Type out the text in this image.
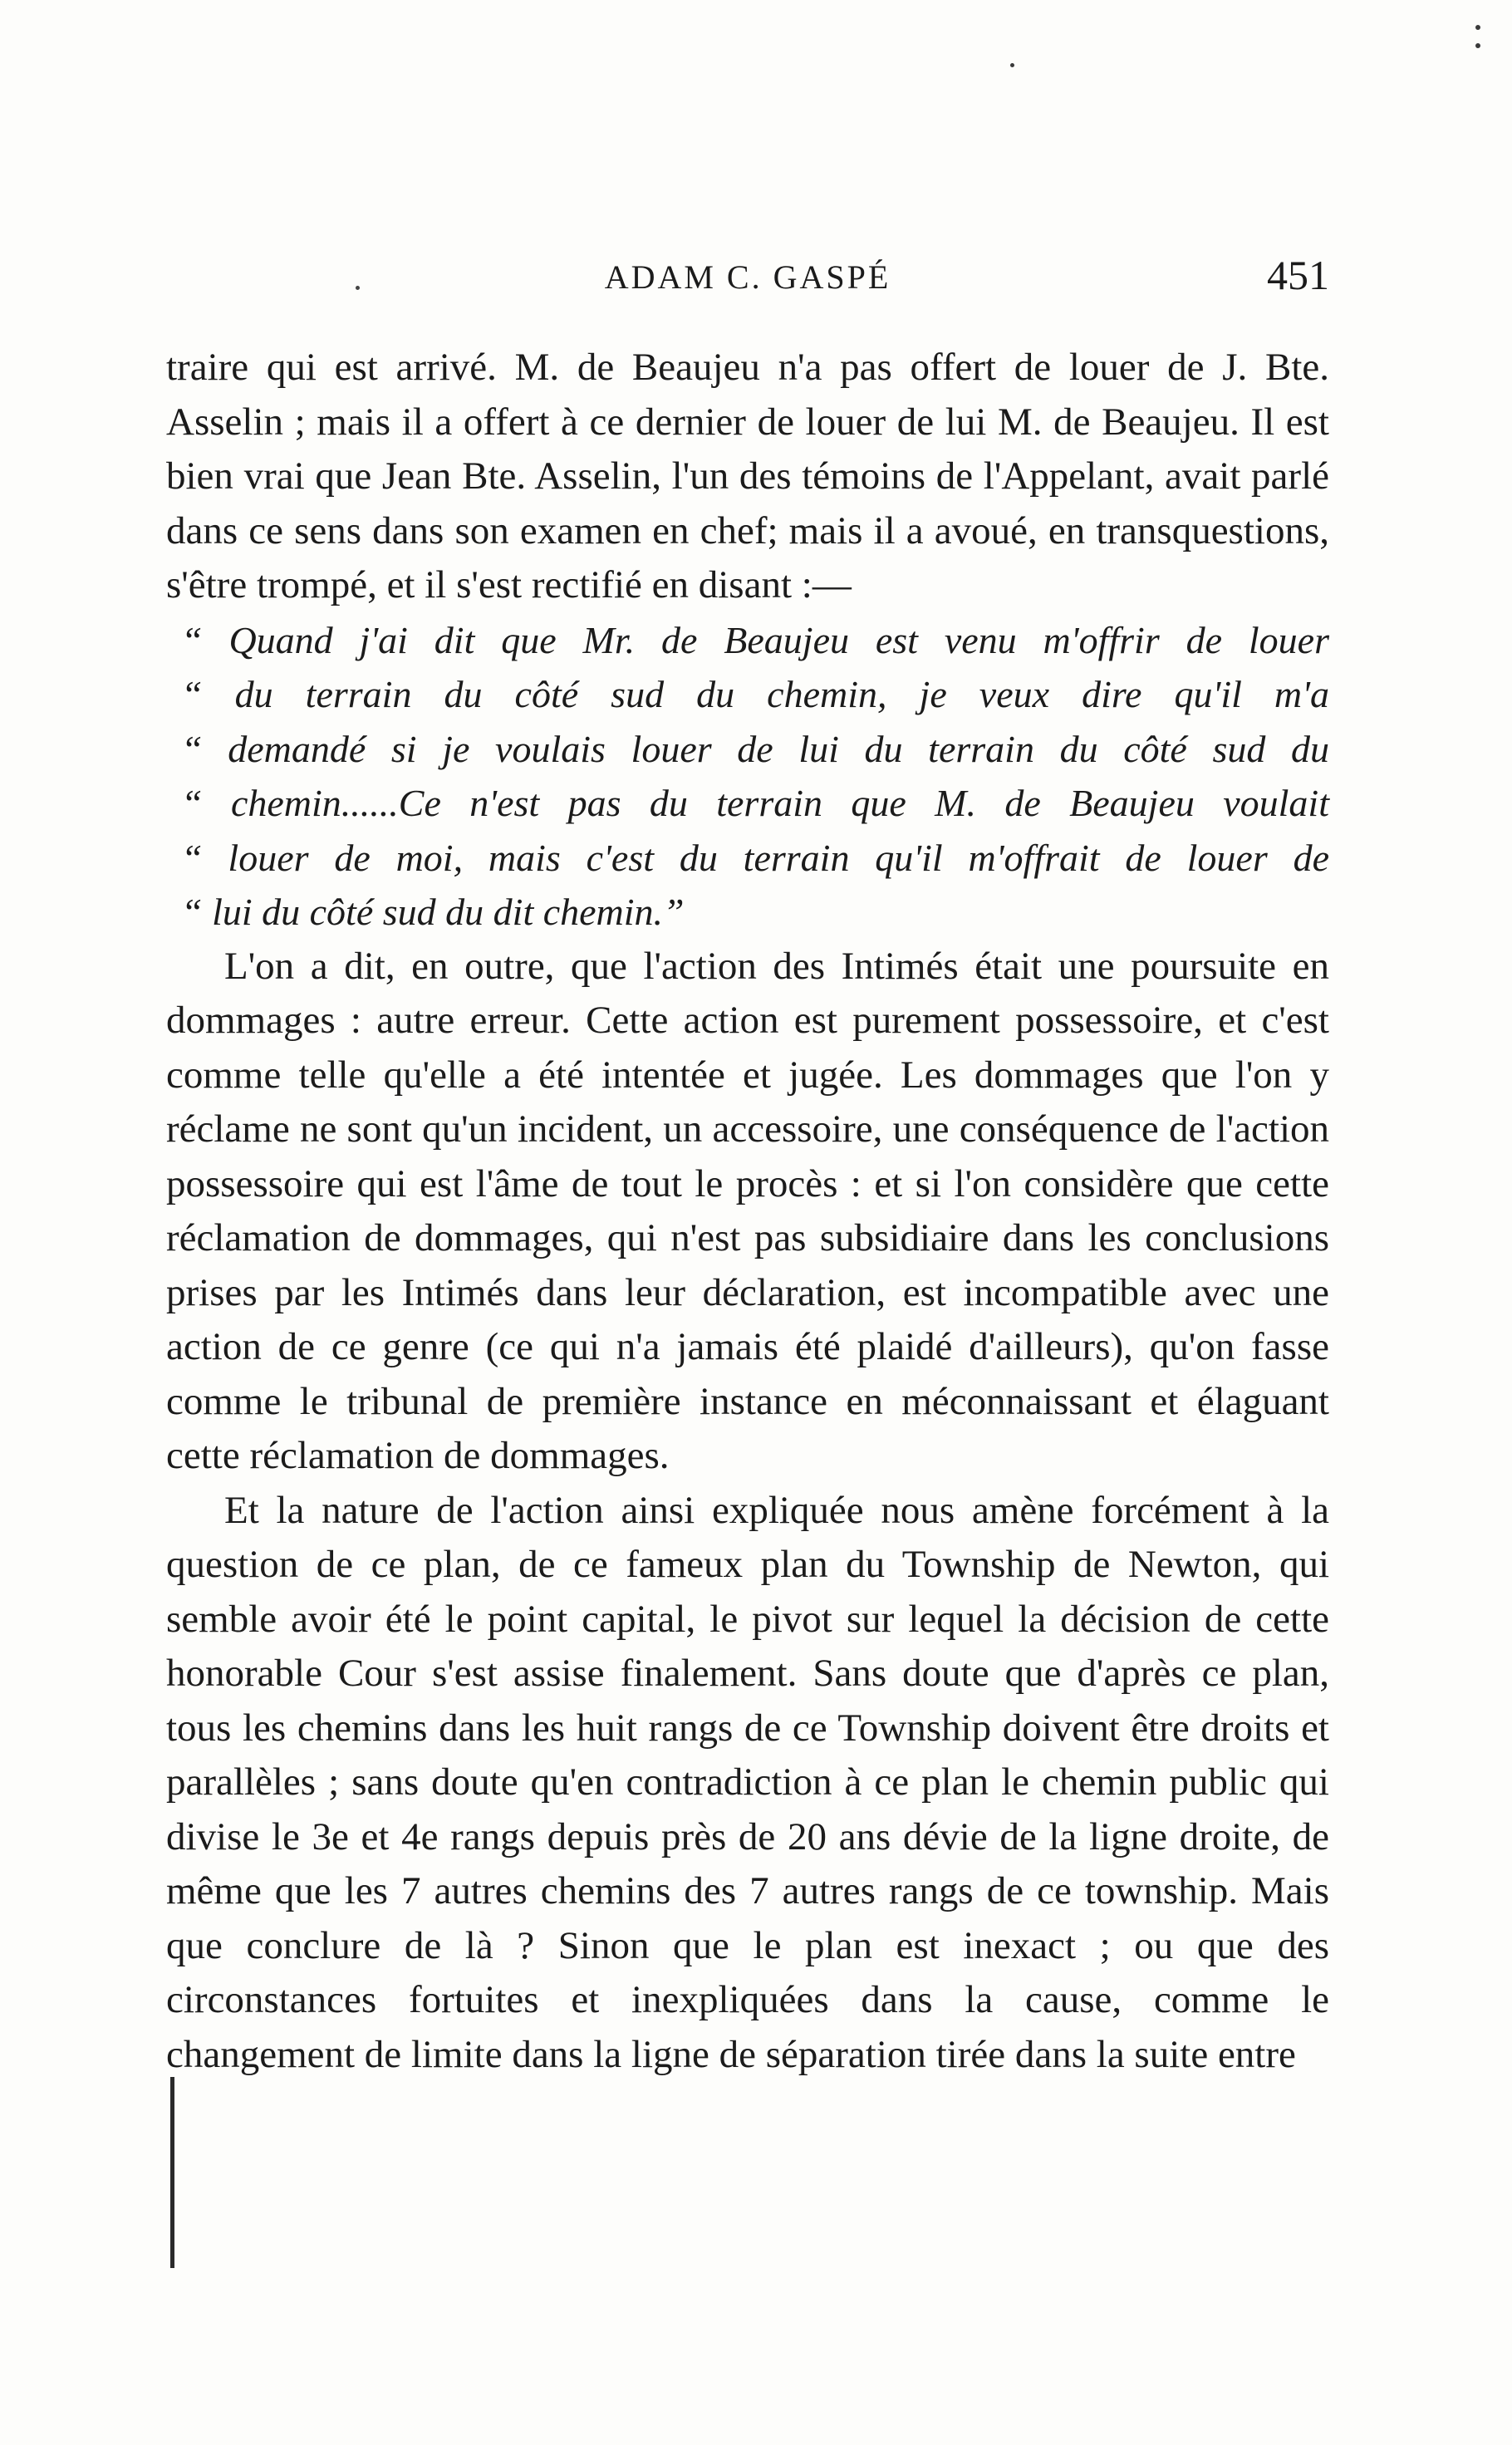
ADAM C. GASPÉ	451

traire qui est arrivé. M. de Beaujeu n'a pas offert de louer de J. Bte. Asselin ; mais il a offert à ce dernier de louer de lui M. de Beaujeu. Il est bien vrai que Jean Bte. Asselin, l'un des témoins de l'Appelant, avait parlé dans ce sens dans son examen en chef; mais il a avoué, en transquestions, s'être trompé, et il s'est rectifié en disant :—

“ Quand j'ai dit que Mr. de Beaujeu est venu m'offrir de louer
“ du terrain du côté sud du chemin, je veux dire qu'il m'a
“ demandé si je voulais louer de lui du terrain du côté sud du
“ chemin......Ce n'est pas du terrain que M. de Beaujeu voulait
“ louer de moi, mais c'est du terrain qu'il m'offrait de louer de
“ lui du côté sud du dit chemin.”

L'on a dit, en outre, que l'action des Intimés était une poursuite en dommages : autre erreur. Cette action est purement possessoire, et c'est comme telle qu'elle a été intentée et jugée. Les dommages que l'on y réclame ne sont qu'un incident, un accessoire, une conséquence de l'action possessoire qui est l'âme de tout le procès : et si l'on considère que cette réclamation de dommages, qui n'est pas subsidiaire dans les conclusions prises par les Intimés dans leur déclaration, est incompatible avec une action de ce genre (ce qui n'a jamais été plaidé d'ailleurs), qu'on fasse comme le tribunal de première instance en méconnaissant et élaguant cette réclamation de dommages.

Et la nature de l'action ainsi expliquée nous amène forcément à la question de ce plan, de ce fameux plan du Township de Newton, qui semble avoir été le point capital, le pivot sur lequel la décision de cette honorable Cour s'est assise finalement. Sans doute que d'après ce plan, tous les chemins dans les huit rangs de ce Township doivent être droits et parallèles ; sans doute qu'en contradiction à ce plan le chemin public qui divise le 3e et 4e rangs depuis près de 20 ans dévie de la ligne droite, de même que les 7 autres chemins des 7 autres rangs de ce township. Mais que conclure de là ? Sinon que le plan est inexact ; ou que des circonstances fortuites et inexpliquées dans la cause, comme le changement de limite dans la ligne de séparation tirée dans la suite entre
